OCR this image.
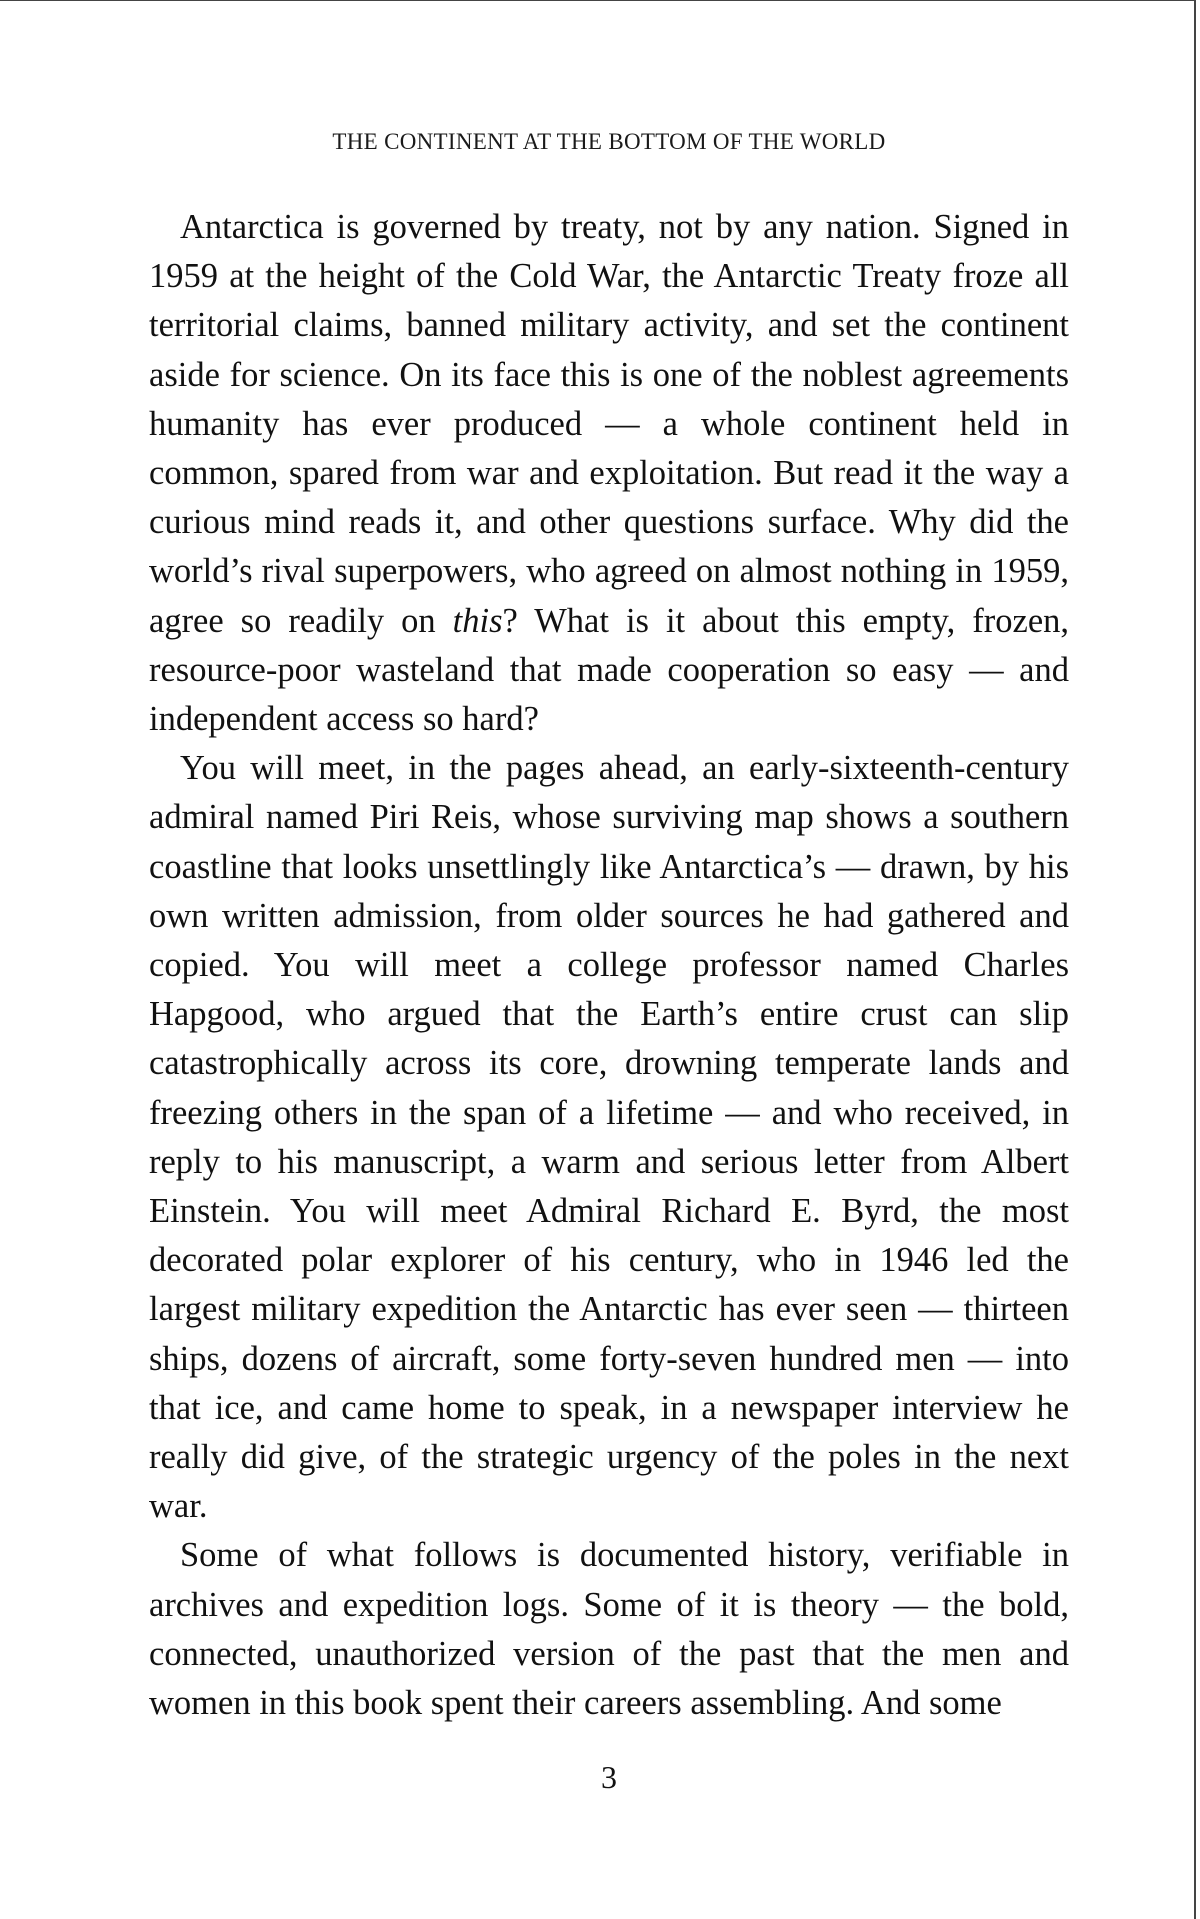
THE CONTINENT AT THE BOTTOM OF THE WORLD

Antarctica is governed by treaty, not by any nation. Signed in 1959 at the height of the Cold War, the Antarctic Treaty froze all territorial claims, banned military activity, and set the continent aside for science. On its face this is one of the noblest agreements humanity has ever produced — a whole continent held in common, spared from war and exploitation. But read it the way a curious mind reads it, and other questions surface. Why did the world’s rival superpowers, who agreed on almost nothing in 1959, agree so readily on this? What is it about this empty, frozen, resource-poor wasteland that made cooperation so easy — and independent access so hard?

You will meet, in the pages ahead, an early-sixteenth-century admiral named Piri Reis, whose surviving map shows a southern coastline that looks unsettlingly like Antarctica’s — drawn, by his own written admission, from older sources he had gathered and copied. You will meet a college professor named Charles Hapgood, who argued that the Earth’s entire crust can slip catastrophically across its core, drowning temperate lands and freezing others in the span of a lifetime — and who received, in reply to his manuscript, a warm and serious letter from Albert Einstein. You will meet Admiral Richard E. Byrd, the most decorated polar explorer of his century, who in 1946 led the largest military expedition the Antarctic has ever seen — thirteen ships, dozens of aircraft, some forty-seven hundred men — into that ice, and came home to speak, in a newspaper interview he really did give, of the strategic urgency of the poles in the next war.

Some of what follows is documented history, verifiable in archives and expedition logs. Some of it is theory — the bold, connected, unauthorized version of the past that the men and women in this book spent their careers assembling. And some

3
